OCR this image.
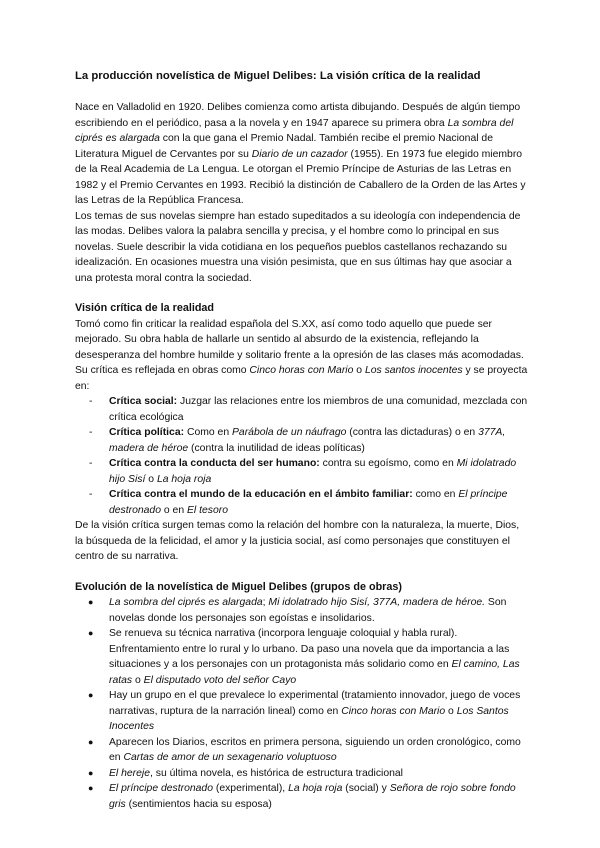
La producción novelística de Miguel Delibes: La visión crítica de la realidad

Nace en Valladolid en 1920. Delibes comienza como artista dibujando. Después de algún tiempo escribiendo en el periódico, pasa a la novela y en 1947 aparece su primera obra La sombra del ciprés es alargada con la que gana el Premio Nadal. También recibe el premio Nacional de Literatura Miguel de Cervantes por su Diario de un cazador (1955). En 1973 fue elegido miembro de la Real Academia de La Lengua. Le otorgan el Premio Príncipe de Asturias de las Letras en 1982 y el Premio Cervantes en 1993. Recibió la distinción de Caballero de la Orden de las Artes y las Letras de la República Francesa.

Los temas de sus novelas siempre han estado supeditados a su ideología con independencia de las modas. Delibes valora la palabra sencilla y precisa, y el hombre como lo principal en sus novelas. Suele describir la vida cotidiana en los pequeños pueblos castellanos rechazando su idealización. En ocasiones muestra una visión pesimista, que en sus últimas hay que asociar a una protesta moral contra la sociedad.

Visión crítica de la realidad

Tomó como fin criticar la realidad española del S.XX, así como todo aquello que puede ser mejorado. Su obra habla de hallarle un sentido al absurdo de la existencia, reflejando la desesperanza del hombre humilde y solitario frente a la opresión de las clases más acomodadas. Su crítica es reflejada en obras como Cinco horas con Mario o Los santos inocentes y se proyecta en:

- Crítica social: Juzgar las relaciones entre los miembros de una comunidad, mezclada con crítica ecológica
- Crítica política: Como en Parábola de un náufrago (contra las dictaduras) o en 377A, madera de héroe (contra la inutilidad de ideas políticas)
- Crítica contra la conducta del ser humano: contra su egoísmo, como en Mi idolatrado hijo Sisí o La hoja roja
- Crítica contra el mundo de la educación en el ámbito familiar: como en El príncipe destronado o en El tesoro

De la visión crítica surgen temas como la relación del hombre con la naturaleza, la muerte, Dios, la búsqueda de la felicidad, el amor y la justicia social, así como personajes que constituyen el centro de su narrativa.

Evolución de la novelística de Miguel Delibes (grupos de obras)
● La sombra del ciprés es alargada; Mi idolatrado hijo Sisí, 377A, madera de héroe. Son novelas donde los personajes son egoístas e insolidarios.
● Se renueva su técnica narrativa (incorpora lenguaje coloquial y habla rural). Enfrentamiento entre lo rural y lo urbano. Da paso una novela que da importancia a las situaciones y a los personajes con un protagonista más solidario como en El camino, Las ratas o El disputado voto del señor Cayo
● Hay un grupo en el que prevalece lo experimental (tratamiento innovador, juego de voces narrativas, ruptura de la narración lineal) como en Cinco horas con Mario o Los Santos Inocentes
● Aparecen los Diarios, escritos en primera persona, siguiendo un orden cronológico, como en Cartas de amor de un sexagenario voluptuoso
● El hereje, su última novela, es histórica de estructura tradicional
● El príncipe destronado (experimental), La hoja roja (social) y Señora de rojo sobre fondo gris (sentimientos hacia su esposa)
